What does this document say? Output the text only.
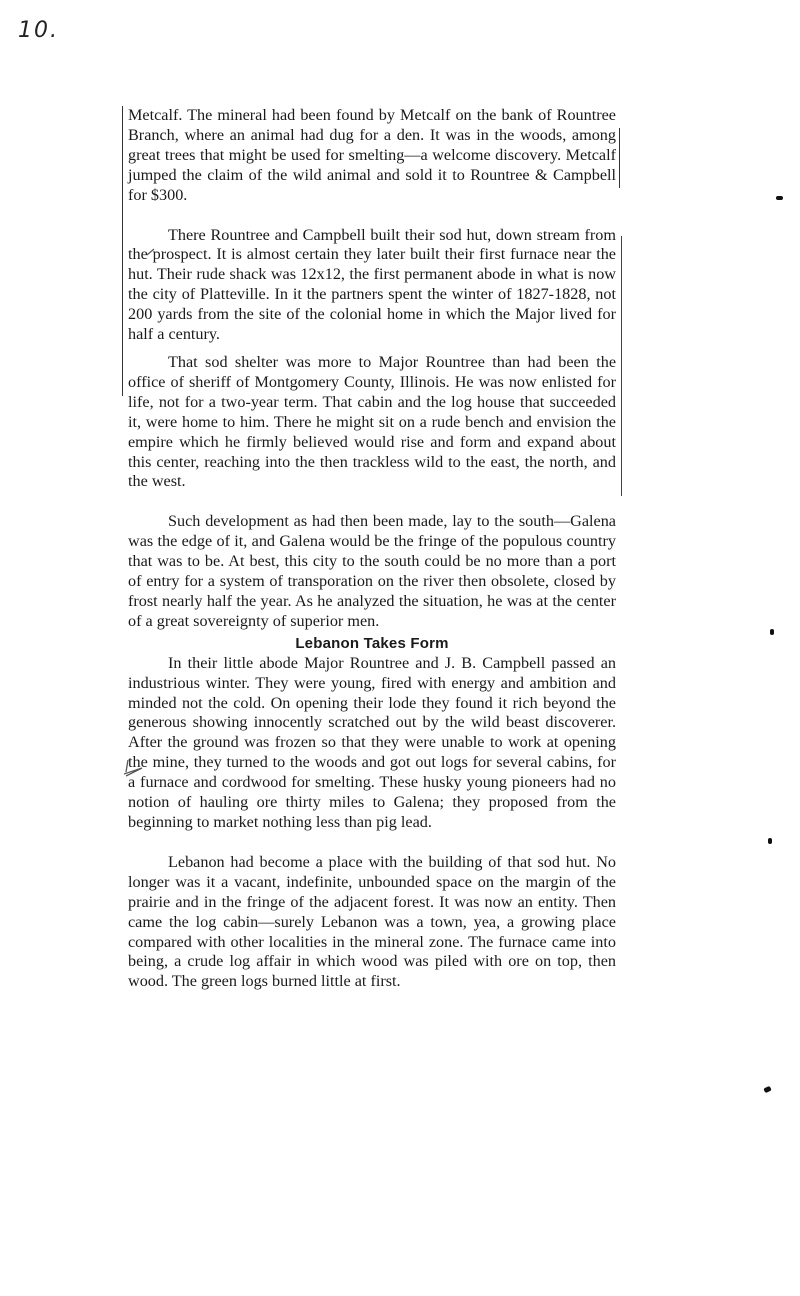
10.

Metcalf. The mineral had been found by Metcalf on the bank of Rountree Branch, where an animal had dug for a den. It was in the woods, among great trees that might be used for smelting—a welcome discovery. Metcalf jumped the claim of the wild animal and sold it to Rountree & Campbell for $300.

There Rountree and Campbell built their sod hut, down stream from the prospect. It is almost certain they later built their first furnace near the hut. Their rude shack was 12x12, the first permanent abode in what is now the city of Platteville. In it the partners spent the winter of 1827-1828, not 200 yards from the site of the colonial home in which the Major lived for half a century.

That sod shelter was more to Major Rountree than had been the office of sheriff of Montgomery County, Illinois. He was now enlisted for life, not for a two-year term. That cabin and the log house that succeeded it, were home to him. There he might sit on a rude bench and envision the empire which he firmly believed would rise and form and expand about this center, reaching into the then trackless wild to the east, the north, and the west.

Such development as had then been made, lay to the south—Galena was the edge of it, and Galena would be the fringe of the populous country that was to be. At best, this city to the south could be no more than a port of entry for a system of transporation on the river then obsolete, closed by frost nearly half the year. As he analyzed the situation, he was at the center of a great sovereignty of superior men.

Lebanon Takes Form

In their little abode Major Rountree and J. B. Campbell passed an industrious winter. They were young, fired with energy and ambition and minded not the cold. On opening their lode they found it rich beyond the generous showing innocently scratched out by the wild beast discoverer. After the ground was frozen so that they were unable to work at opening the mine, they turned to the woods and got out logs for several cabins, for a furnace and cordwood for smelting. These husky young pioneers had no notion of hauling ore thirty miles to Galena; they proposed from the beginning to market nothing less than pig lead.

Lebanon had become a place with the building of that sod hut. No longer was it a vacant, indefinite, unbounded space on the margin of the prairie and in the fringe of the adjacent forest. It was now an entity. Then came the log cabin—surely Lebanon was a town, yea, a growing place compared with other localities in the mineral zone. The furnace came into being, a crude log affair in which wood was piled with ore on top, then wood. The green logs burned little at first.
